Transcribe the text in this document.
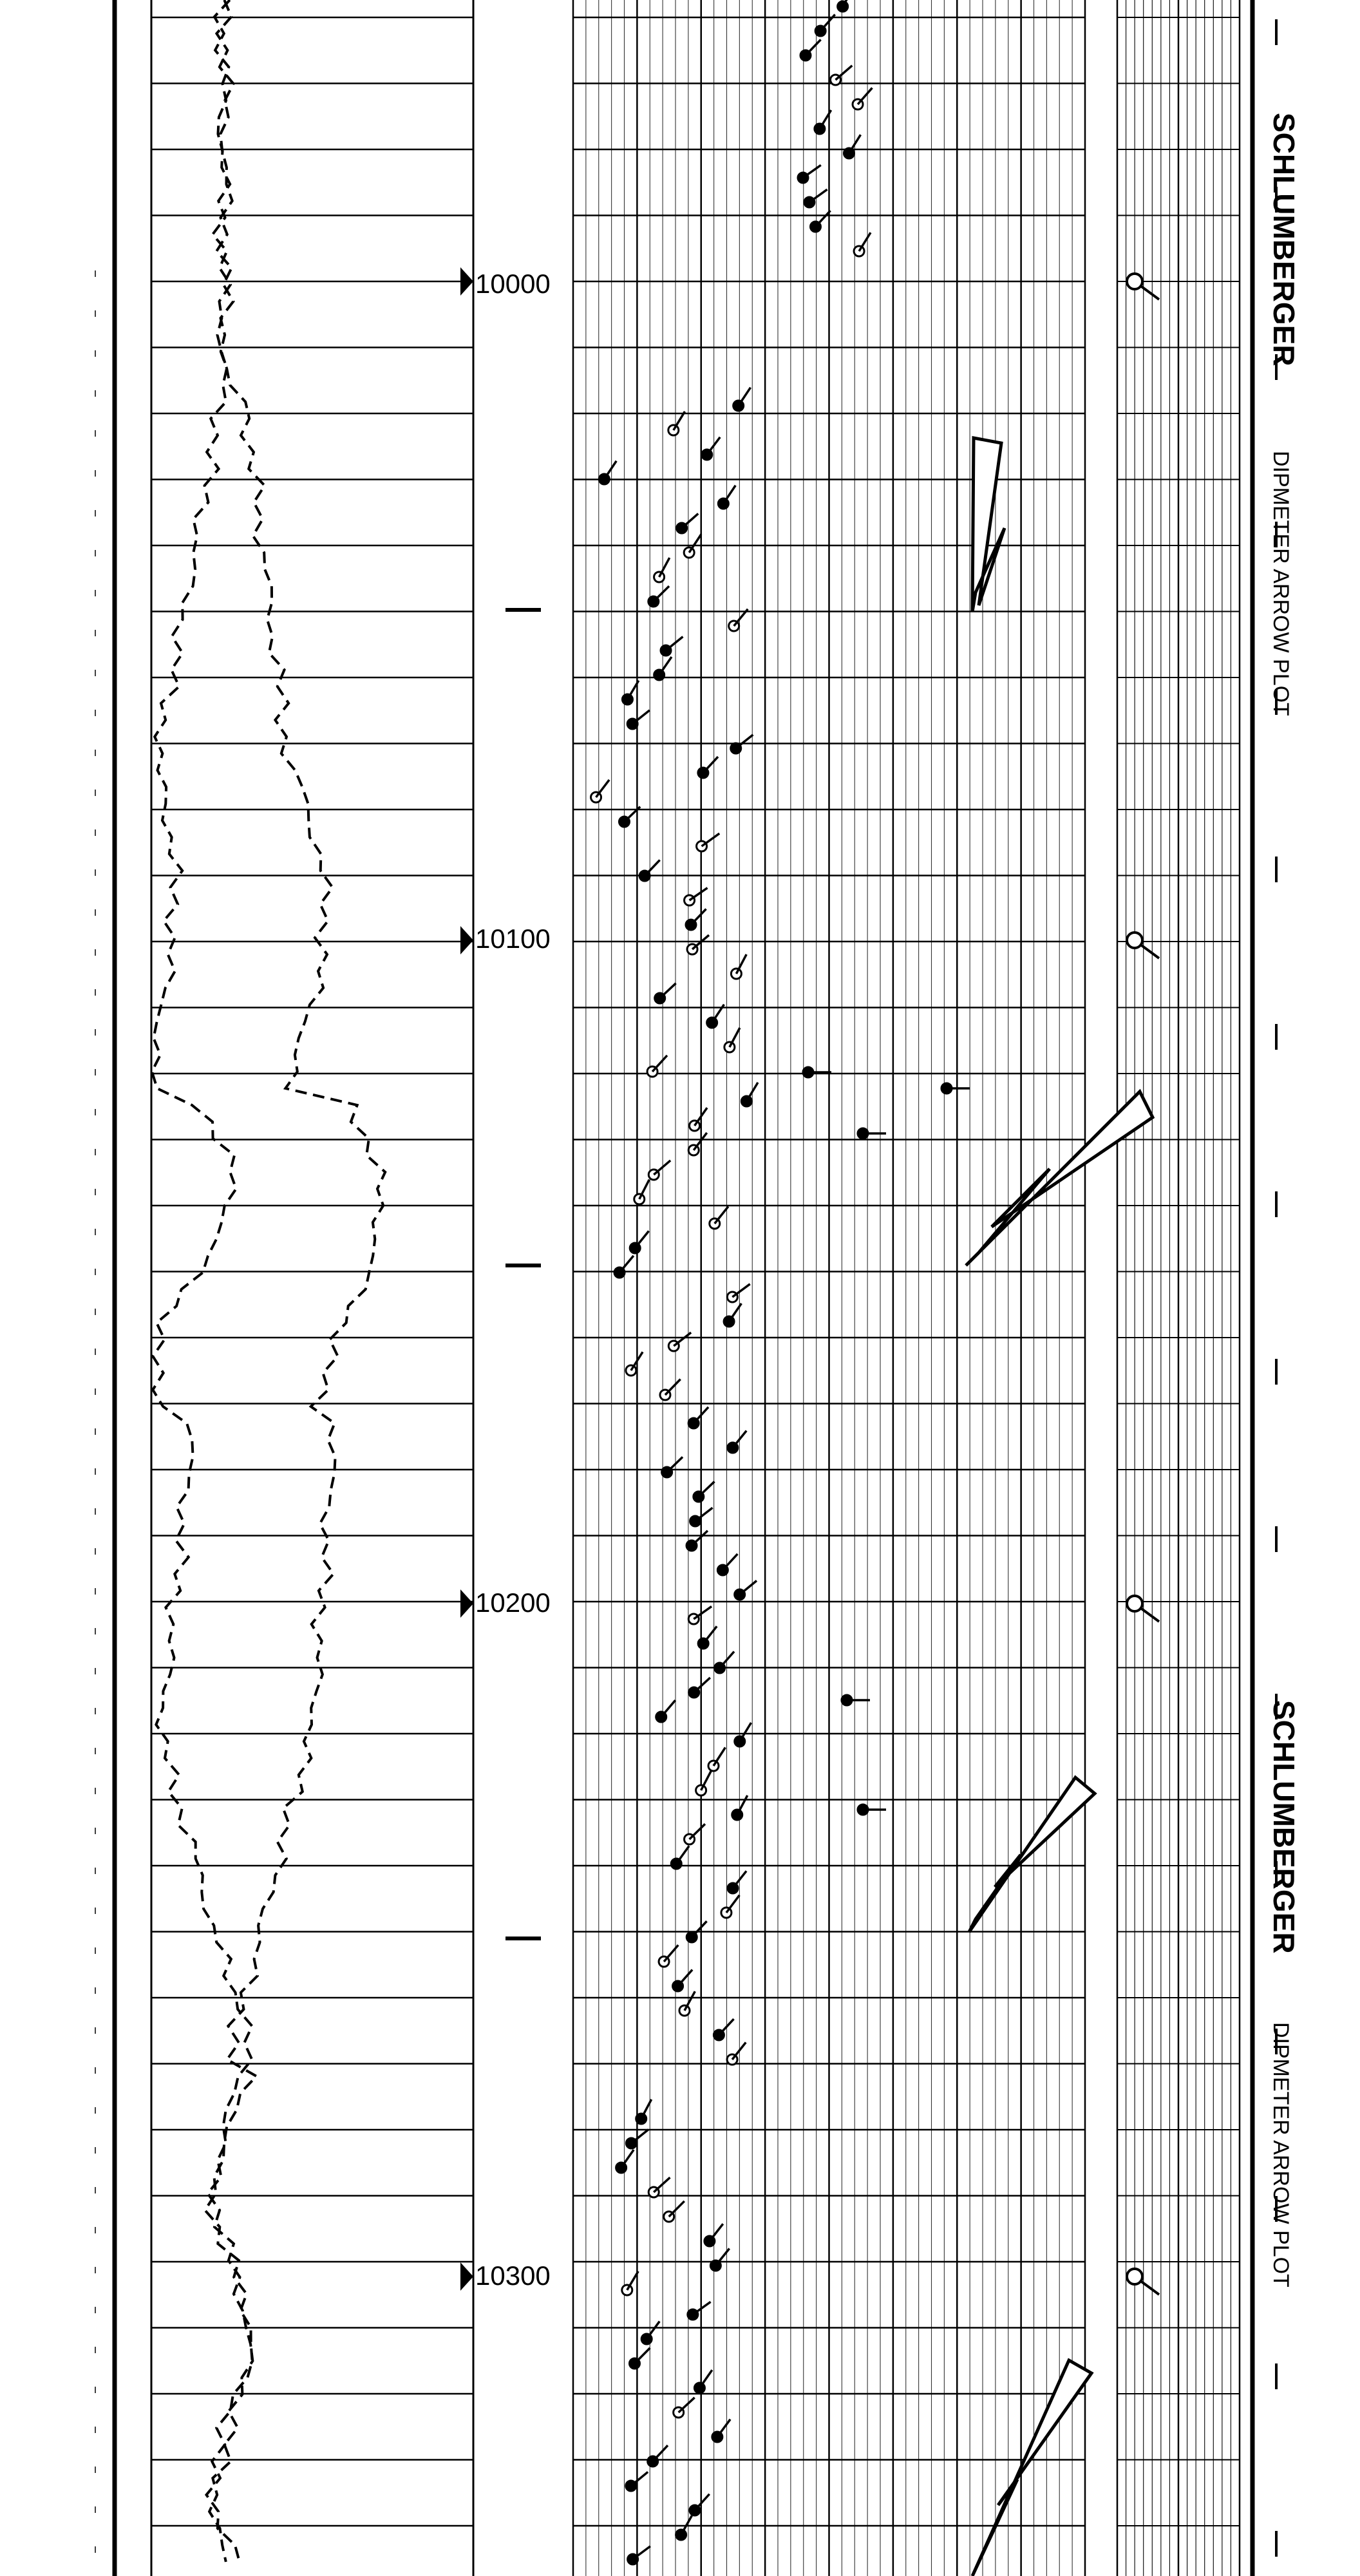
SCHLUMBERGER
DIPMETER ARROW PLOT
SCHLUMBERGER
DIPMETER ARROW PLOT
10000
10100
10200
10300
